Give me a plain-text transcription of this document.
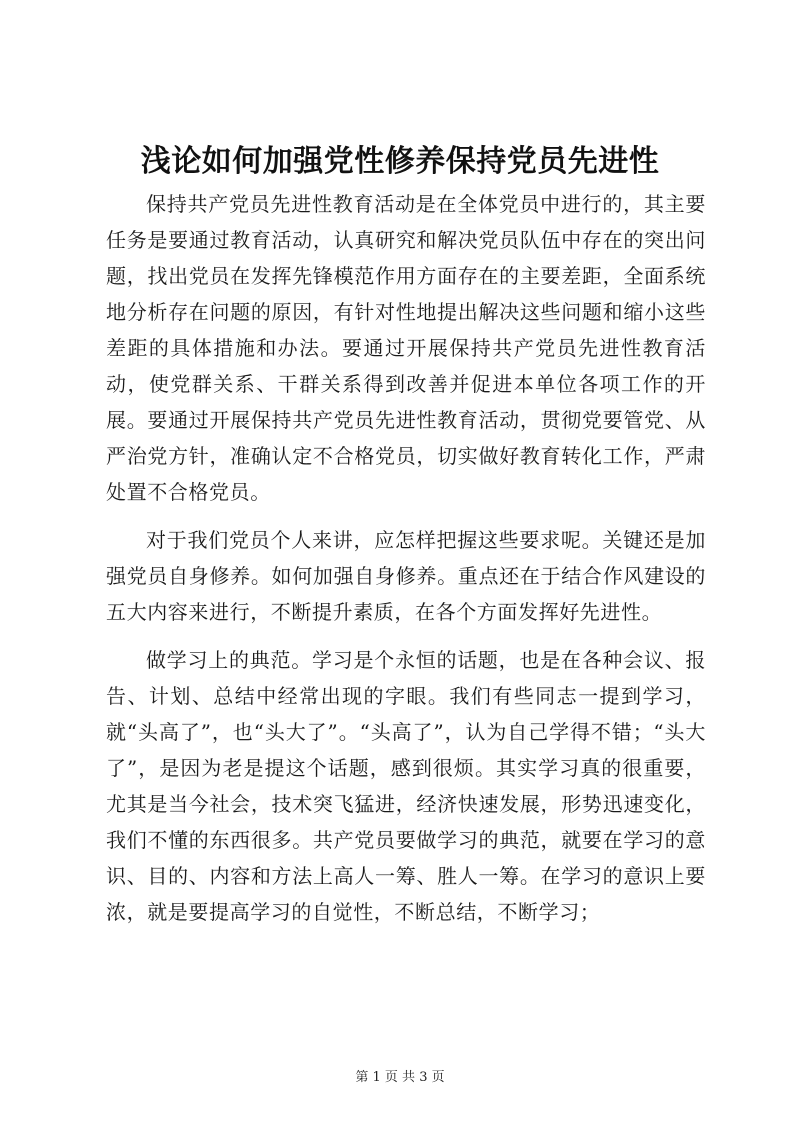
浅论如何加强党性修养保持党员先进性

保持共产党员先进性教育活动是在全体党员中进行的，其主要任务是要通过教育活动，认真研究和解决党员队伍中存在的突出问题，找出党员在发挥先锋模范作用方面存在的主要差距，全面系统地分析存在问题的原因，有针对性地提出解决这些问题和缩小这些差距的具体措施和办法。要通过开展保持共产党员先进性教育活动，使党群关系、干群关系得到改善并促进本单位各项工作的开展。要通过开展保持共产党员先进性教育活动，贯彻党要管党、从严治党方针，准确认定不合格党员，切实做好教育转化工作，严肃处置不合格党员。

对于我们党员个人来讲，应怎样把握这些要求呢。关键还是加强党员自身修养。如何加强自身修养。重点还在于结合作风建设的五大内容来进行，不断提升素质，在各个方面发挥好先进性。

做学习上的典范。学习是个永恒的话题，也是在各种会议、报告、计划、总结中经常出现的字眼。我们有些同志一提到学习，就“头高了”，也“头大了”。“头高了”，认为自己学得不错；“头大了”，是因为老是提这个话题，感到很烦。其实学习真的很重要，尤其是当今社会，技术突飞猛进，经济快速发展，形势迅速变化，我们不懂的东西很多。共产党员要做学习的典范，就要在学习的意识、目的、内容和方法上高人一筹、胜人一筹。在学习的意识上要浓，就是要提高学习的自觉性，不断总结，不断学习；

第 1 页 共 3 页
